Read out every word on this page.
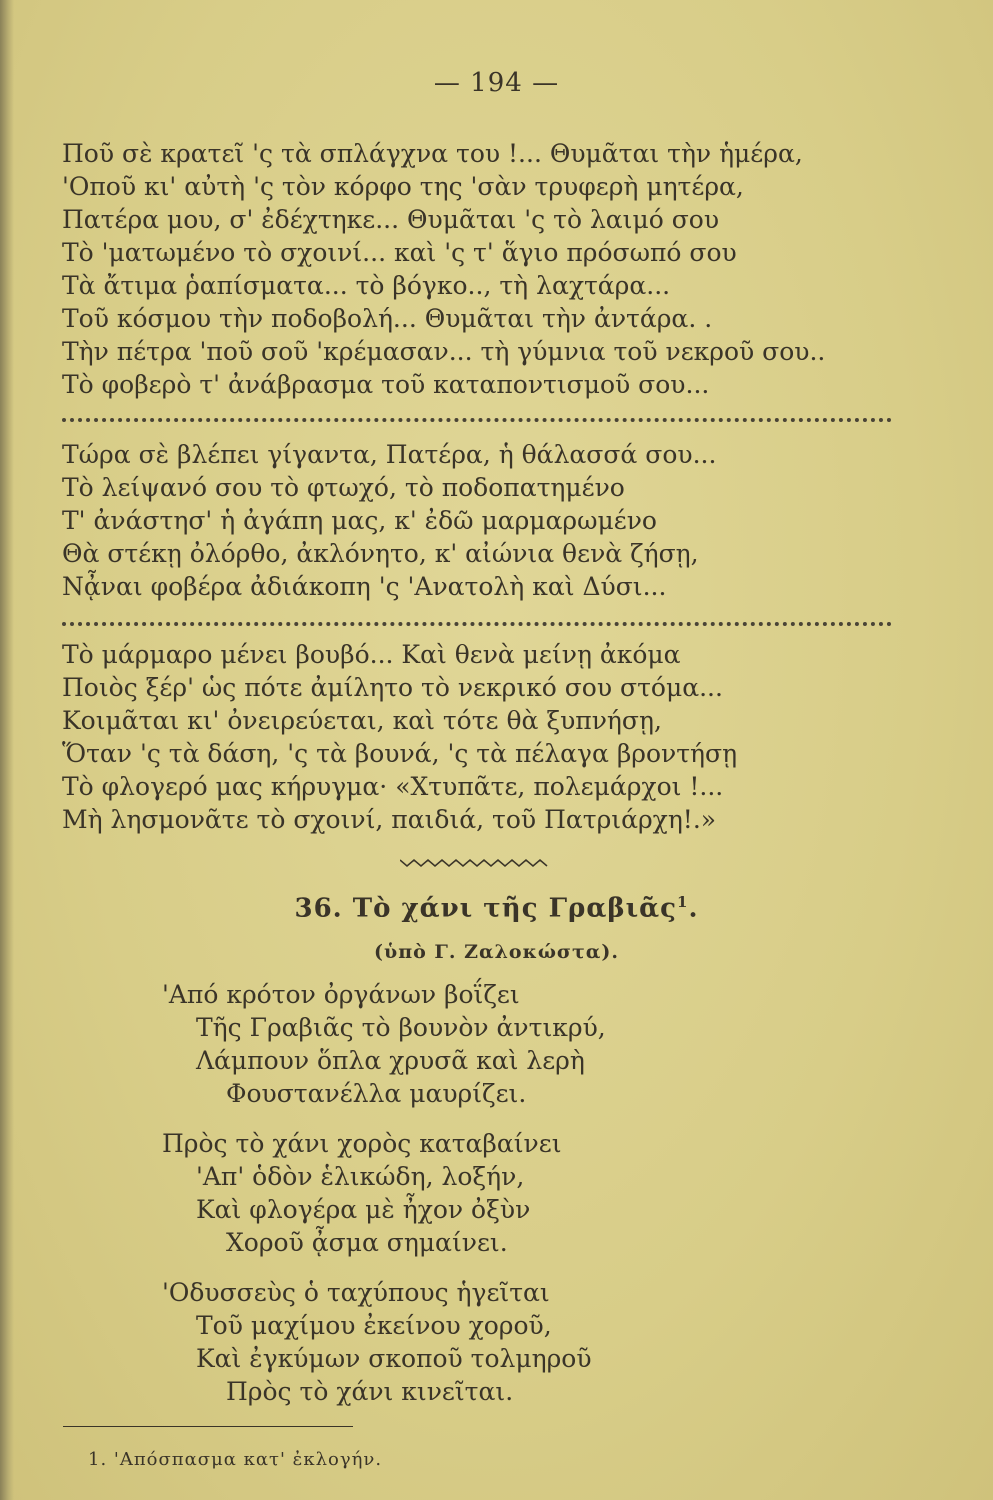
— 194 —
Ποῦ σὲ κρατεῖ 'ς τὰ σπλάγχνα του !... Θυμᾶται τὴν ἡμέρα,
'Οποῦ κι' αὐτὴ 'ς τὸν κόρφο της 'σὰν τρυφερὴ μητέρα,
Πατέρα μου, σ' ἐδέχτηκε... Θυμᾶται 'ς τὸ λαιμό σου
Τὸ 'ματωμένο τὸ σχοινί... καὶ 'ς τ' ἅγιο πρόσωπό σου
Τὰ ἄτιμα ῥαπίσματα... τὸ βόγκο.., τὴ λαχτάρα...
Τοῦ κόσμου τὴν ποδοβολή... Θυμᾶται τὴν ἀντάρα. .
Τὴν πέτρα 'ποῦ σοῦ 'κρέμασαν... τὴ γύμνια τοῦ νεκροῦ σου..
Τὸ φοβερὸ τ' ἀνάβρασμα τοῦ καταποντισμοῦ σου...
Τώρα σὲ βλέπει γίγαντα, Πατέρα, ἡ θάλασσά σου...
Τὸ λείψανό σου τὸ φτωχό, τὸ ποδοπατημένο
Τ' ἀνάστησ' ἡ ἀγάπη μας, κ' ἐδῶ μαρμαρωμένο
Θὰ στέκῃ ὀλόρθο, ἀκλόνητο, κ' αἰώνια θενὰ ζήσῃ,
Νᾆναι φοβέρα ἀδιάκοπη 'ς 'Ανατολὴ καὶ Δύσι...
Τὸ μάρμαρο μένει βουβό... Καὶ θενὰ μείνῃ ἀκόμα
Ποιὸς ξέρ' ὡς πότε ἀμίλητο τὸ νεκρικό σου στόμα...
Κοιμᾶται κι' ὀνειρεύεται, καὶ τότε θὰ ξυπνήσῃ,
Ὅταν 'ς τὰ δάση, 'ς τὰ βουνά, 'ς τὰ πέλαγα βροντήσῃ
Τὸ φλογερό μας κήρυγμα· «Χτυπᾶτε, πολεμάρχοι !...
Μὴ λησμονᾶτε τὸ σχοινί, παιδιά, τοῦ Πατριάρχη!.»
36. Τὸ χάνι τῆς Γραβιᾶς$^1$.
(ὑπὸ Γ. Ζαλοκώστα).
'Από κρότον ὀργάνων βοΐζει
Τῆς Γραβιᾶς τὸ βουνὸν ἀντικρύ,
Λάμπουν ὅπλα χρυσᾶ καὶ λερὴ
Φουστανέλλα μαυρίζει.
Πρὸς τὸ χάνι χορὸς καταβαίνει
'Απ' ὁδὸν ἑλικώδη, λοξήν,
Καὶ φλογέρα μὲ ἦχον ὀξὺν
Χοροῦ ᾆσμα σημαίνει.
'Οδυσσεὺς ὁ ταχύπους ἡγεῖται
Τοῦ μαχίμου ἐκείνου χοροῦ,
Καὶ ἐγκύμων σκοποῦ τολμηροῦ
Πρὸς τὸ χάνι κινεῖται.
1. 'Απόσπασμα κατ' ἐκλογήν.
